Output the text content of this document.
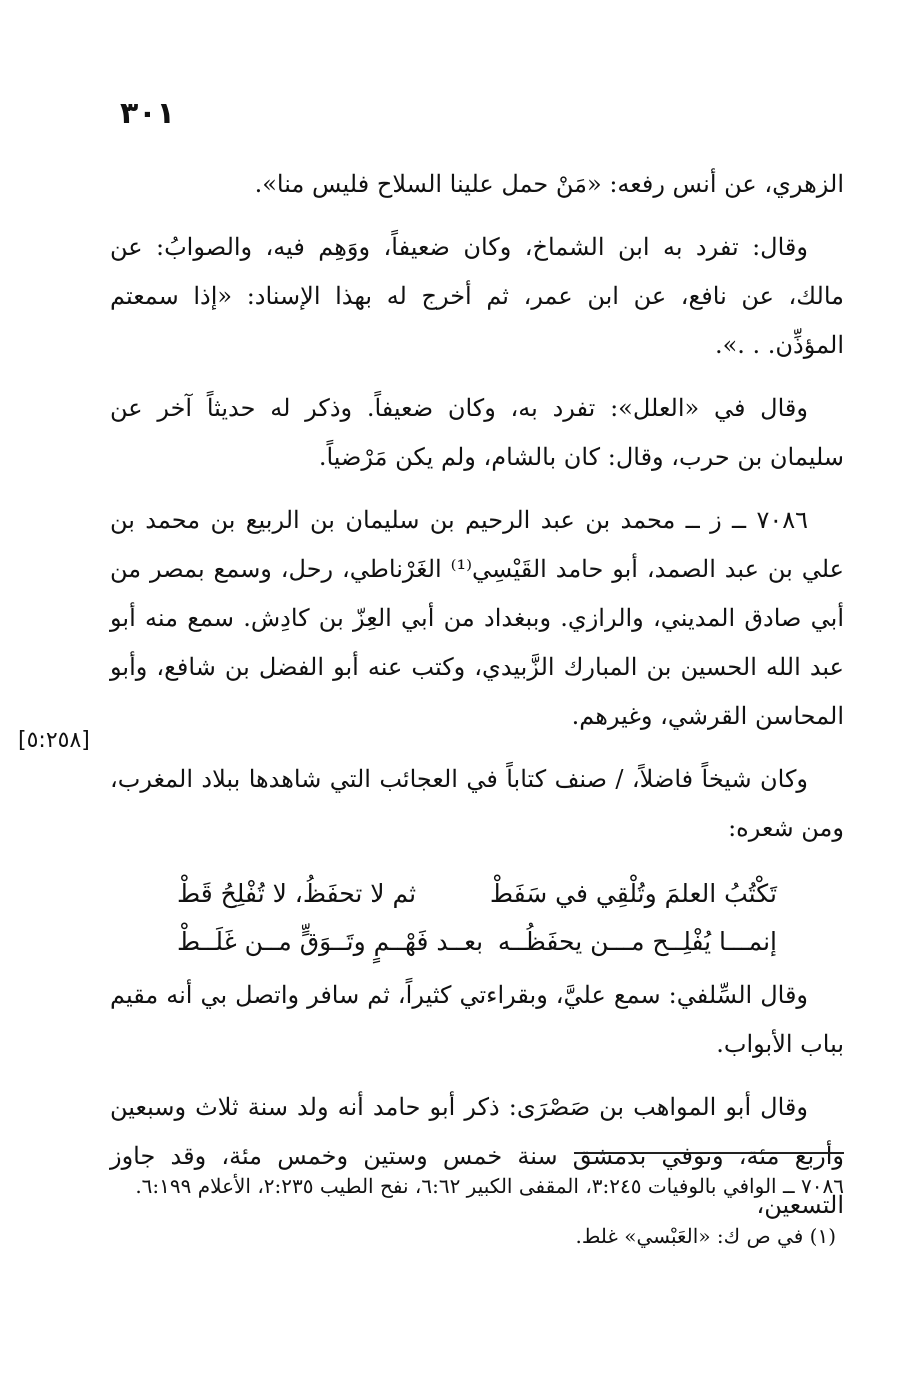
٣٠١

الزهري، عن أنس رفعه: «مَنْ حمل علينا السلاح فليس منا».

وقال: تفرد به ابن الشماخ، وكان ضعيفاً، ووَهِم فيه، والصوابُ: عن مالك، عن نافع، عن ابن عمر، ثم أخرج له بهذا الإسناد: «إذا سمعتم المؤذِّن. . .».

وقال في «العلل»: تفرد به، وكان ضعيفاً. وذكر له حديثاً آخر عن سليمان بن حرب، وقال: كان بالشام، ولم يكن مَرْضياً.

٧٠٨٦ ــ ز ــ محمد بن عبد الرحيم بن سليمان بن الربيع بن محمد بن علي بن عبد الصمد، أبو حامد القَيْسِي⁽¹⁾ الغَرْناطي، رحل، وسمع بمصر من أبي صادق المديني، والرازي. وببغداد من أبي العِزّ بن كادِش. سمع منه أبو عبد الله الحسين بن المبارك الزَّبيدي، وكتب عنه أبو الفضل بن شافع، وأبو المحاسن القرشي، وغيرهم.

وكان شيخاً فاضلاً، / صنف كتاباً في العجائب التي شاهدها ببلاد المغرب، ومن شعره:

تَكْتُبُ العلمَ وتُلْقِي في سَفَطْ
ثم لا تحفَظُ، لا تُفْلِحُ قَطْ
إنمـــا يُفْلِــح مـــن يحفَظُــه
بعــد فَهْــمٍ وتَــوَقٍّ مــن غَلَــطْ

وقال السِّلفي: سمع عليَّ، وبقراءتي كثيراً، ثم سافر واتصل بي أنه مقيم بباب الأبواب.

وقال أبو المواهب بن صَصْرَى: ذكر أبو حامد أنه ولد سنة ثلاث وسبعين وأربع مئة، وتوفي بدمشق سنة خمس وستين وخمس مئة، وقد جاوز التسعين،

[٥:٢٥٨]

٧٠٨٦ ــ الوافي بالوفيات ٣:٢٤٥، المقفى الكبير ٦:٦٢، نفح الطيب ٢:٢٣٥، الأعلام ٦:١٩٩.

(١) في ص ك: «العَبْسي» غلط.
